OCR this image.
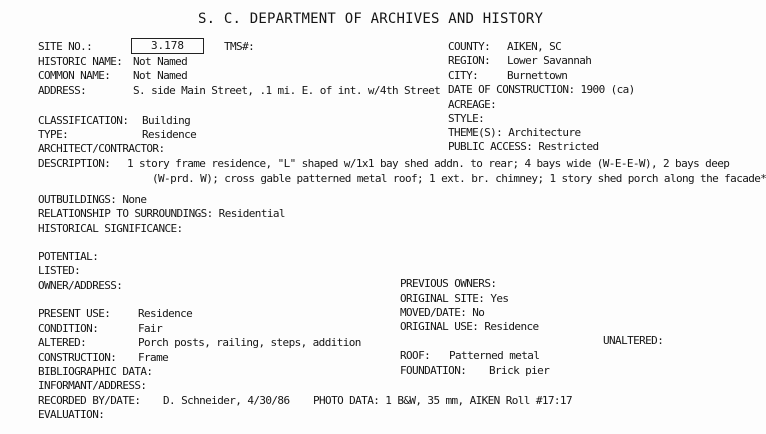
S. C. DEPARTMENT OF ARCHIVES AND HISTORY
SITE NO.:	3.178	TMS#:
HISTORIC NAME: Not Named
COMMON NAME: Not Named
ADDRESS:	S. side Main Street, .1 mi. E. of int. w/4th Street
COUNTY: AIKEN, SC
REGION: Lower Savannah
CITY:	Burnettown
DATE OF CONSTRUCTION: 1900 (ca)
ACREAGE:
STYLE:
THEME(S): Architecture
PUBLIC ACCESS: Restricted
CLASSIFICATION: Building
TYPE:	Residence
ARCHITECT/CONTRACTOR:
DESCRIPTION: 1 story frame residence, "L" shaped w/1x1 bay shed addn. to rear; 4 bays wide (W-E-E-W), 2 bays deep
(W-prd. W); cross gable patterned metal roof; 1 ext. br. chimney; 1 story shed porch along the facade*
OUTBUILDINGS: None
RELATIONSHIP TO SURROUNDINGS: Residential
HISTORICAL SIGNIFICANCE:
POTENTIAL:
LISTED:
OWNER/ADDRESS:	PREVIOUS OWNERS:
ORIGINAL SITE: Yes
MOVED/DATE: No
ORIGINAL USE: Residence
UNALTERED:
PRESENT USE:	Residence
CONDITION:	Fair
ALTERED:	Porch posts, railing, steps, addition
CONSTRUCTION: Frame
BIBLIOGRAPHIC DATA:
INFORMANT/ADDRESS:
RECORDED BY/DATE: D. Schneider, 4/30/86
EVALUATION:
ROOF: Patterned metal
FOUNDATION: Brick pier
PHOTO DATA: 1 B&W, 35 mm, AIKEN Roll #17:17
